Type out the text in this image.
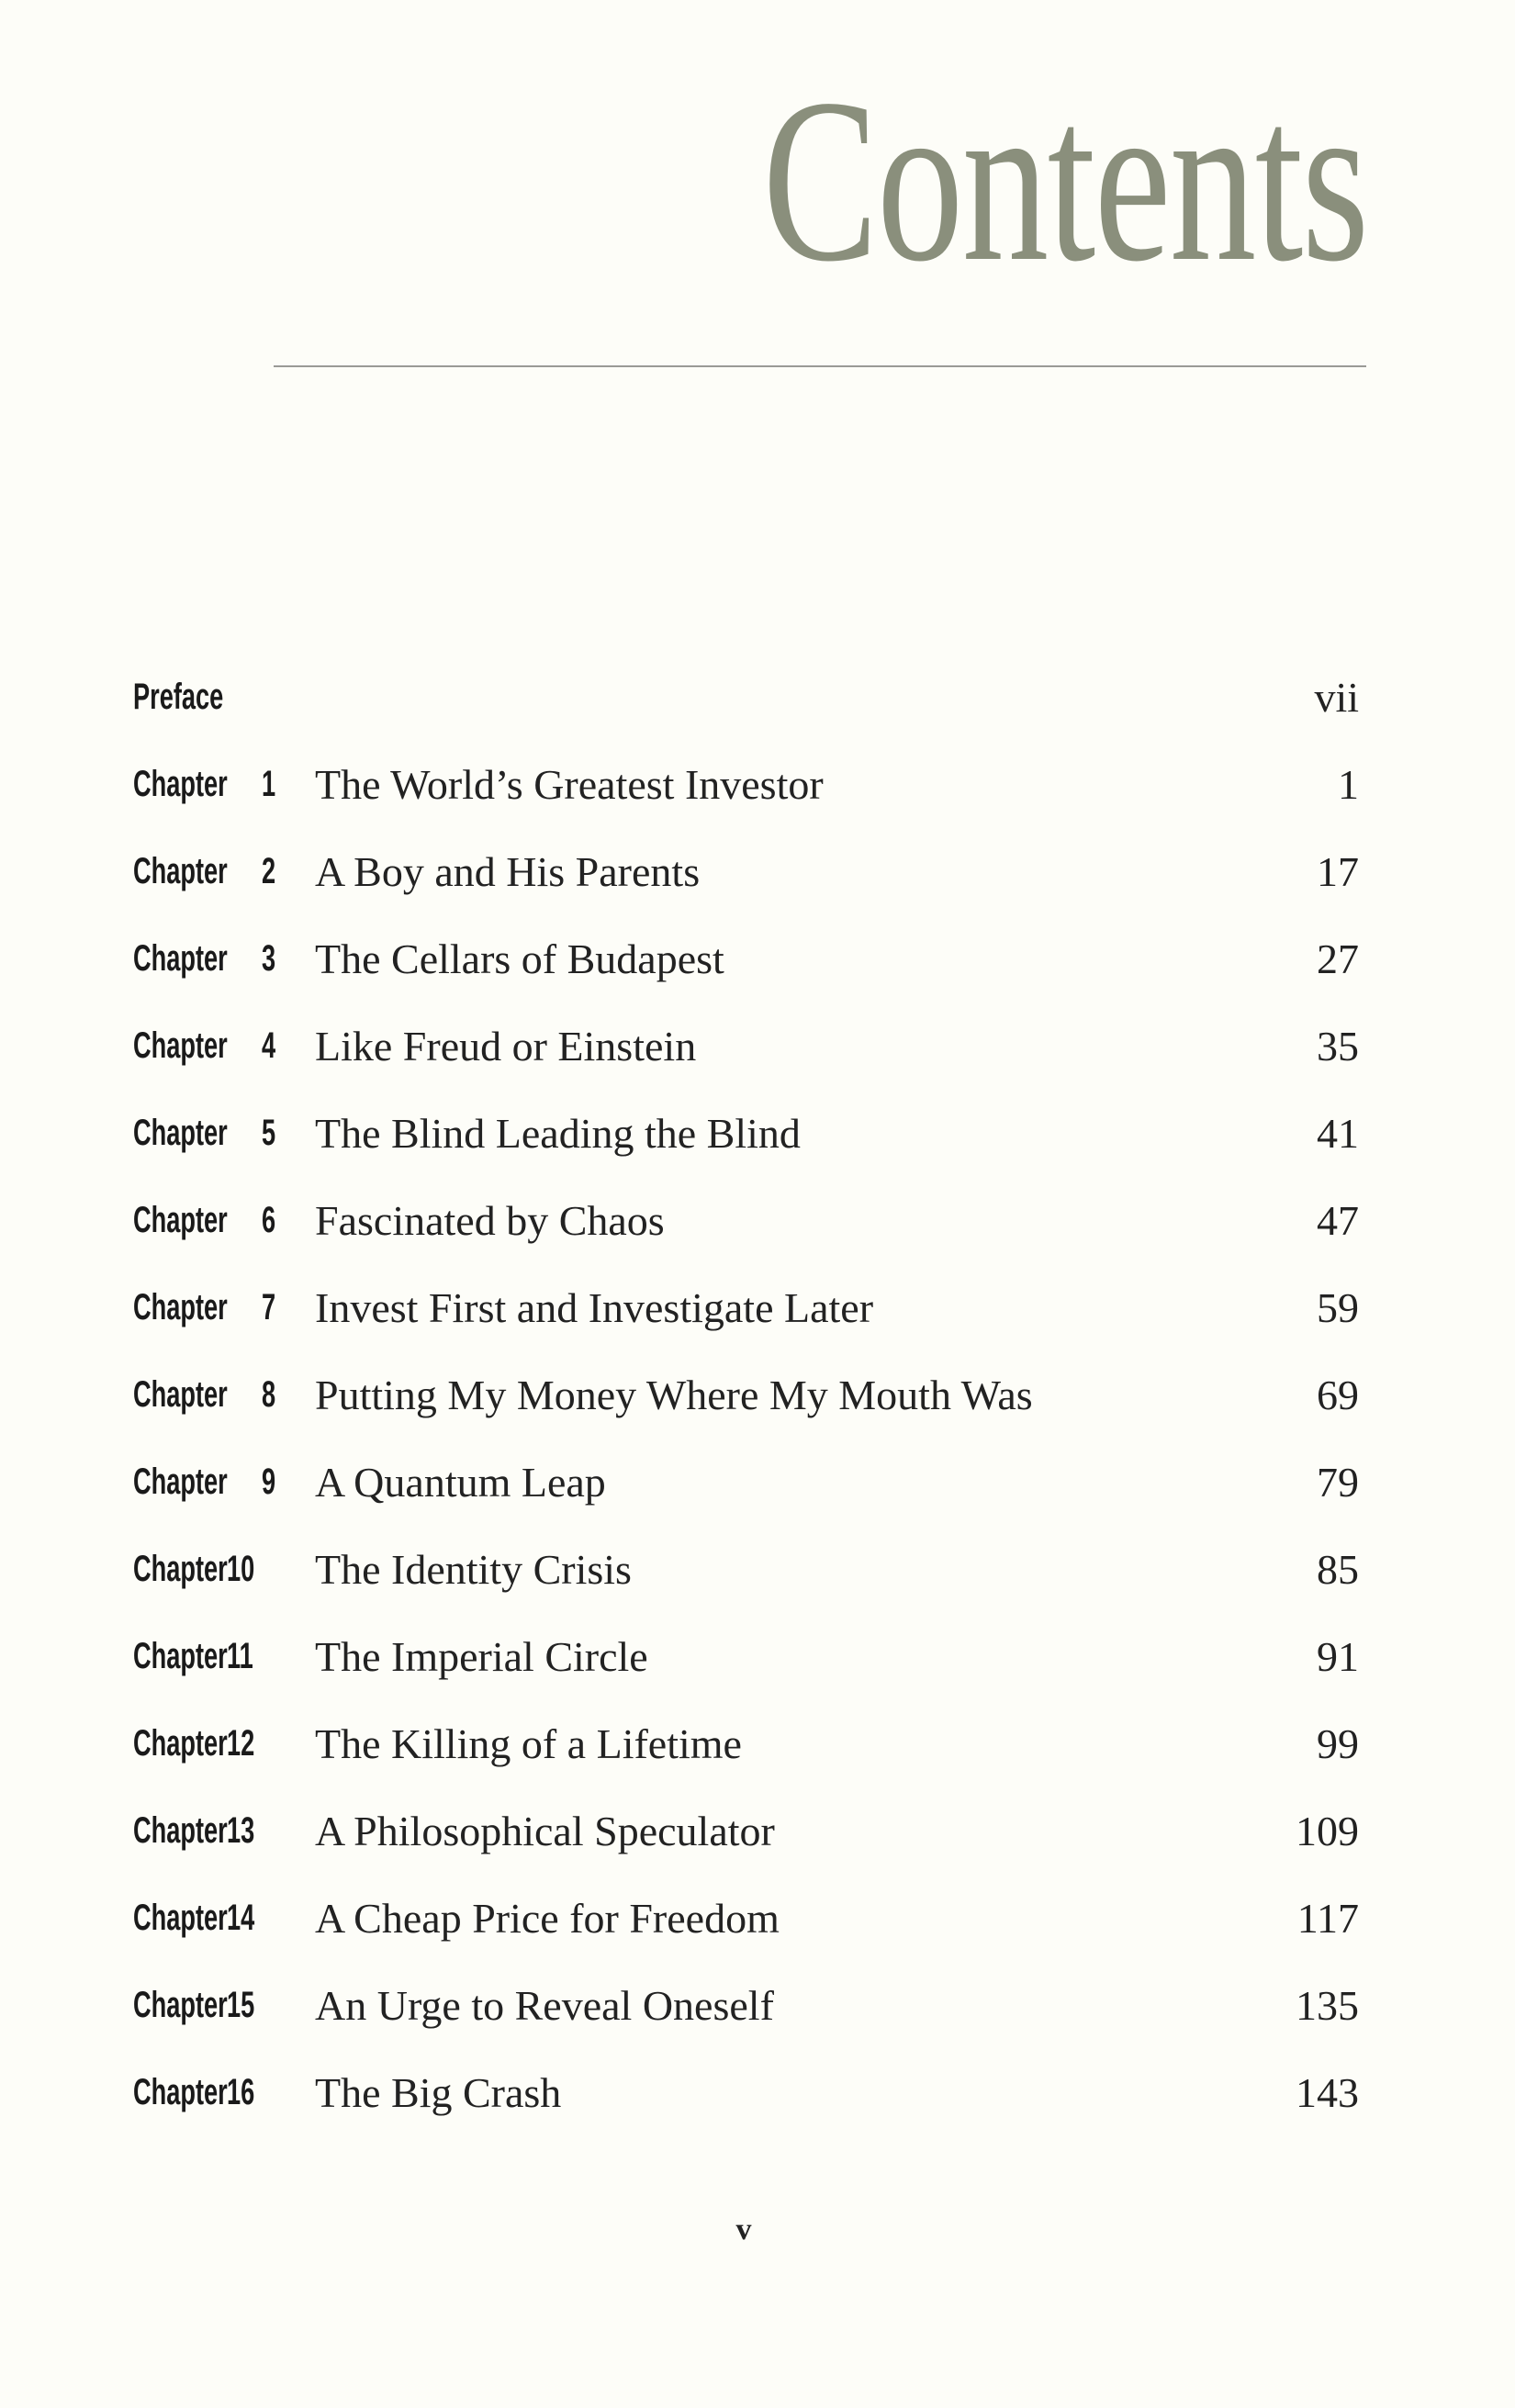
Contents
Preface	vii
Chapter 1 The World’s Greatest Investor	1
Chapter 2 A Boy and His Parents	17
Chapter 3 The Cellars of Budapest	27
Chapter 4 Like Freud or Einstein	35
Chapter 5 The Blind Leading the Blind	41
Chapter 6 Fascinated by Chaos	47
Chapter 7 Invest First and Investigate Later	59
Chapter 8 Putting My Money Where My Mouth Was	69
Chapter 9 A Quantum Leap	79
Chapter 10 The Identity Crisis	85
Chapter 11 The Imperial Circle	91
Chapter 12 The Killing of a Lifetime	99
Chapter 13 A Philosophical Speculator	109
Chapter 14 A Cheap Price for Freedom	117
Chapter 15 An Urge to Reveal Oneself	135
Chapter 16 The Big Crash	143
v
